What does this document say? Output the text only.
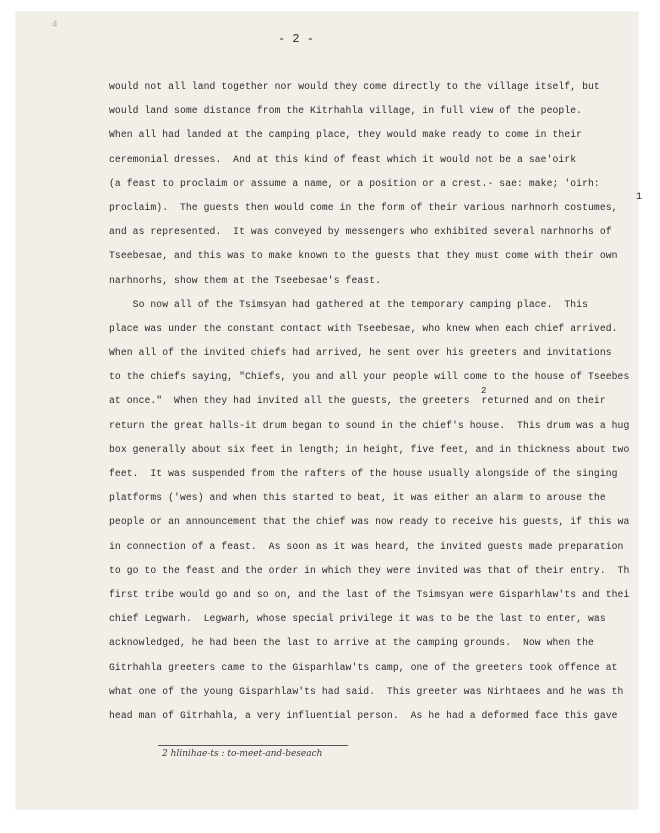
4
- 2 -
1
2
would not all land together nor would they come directly to the village itself, but
would land some distance from the Kitrhahla village, in full view of the people.
When all had landed at the camping place, they would make ready to come in their
ceremonial dresses.  And at this kind of feast which it would not be a sae'oirk
(a feast to proclaim or assume a name, or a position or a crest.- sae: make; 'oirh:
proclaim).  The guests then would come in the form of their various narhnorh costumes,
and as represented.  It was conveyed by messengers who exhibited several narhnorhs of
Tseebesae, and this was to make known to the guests that they must come with their own
narhnorhs, show them at the Tseebesae's feast.
So now all of the Tsimsyan had gathered at the temporary camping place.  This
place was under the constant contact with Tseebesae, who knew when each chief arrived.
When all of the invited chiefs had arrived, he sent over his greeters and invitations
to the chiefs saying, "Chiefs, you and all your people will come to the house of Tseebes
at once."  When they had invited all the guests, the greeters  returned and on their
return the great halls-it drum began to sound in the chief's house.  This drum was a hug
box generally about six feet in length; in height, five feet, and in thickness about two
feet.  It was suspended from the rafters of the house usually alongside of the singing
platforms ('wes) and when this started to beat, it was either an alarm to arouse the
people or an announcement that the chief was now ready to receive his guests, if this wa
in connection of a feast.  As soon as it was heard, the invited guests made preparation
to go to the feast and the order in which they were invited was that of their entry.  Th
first tribe would go and so on, and the last of the Tsimsyan were Gisparhlaw'ts and thei
chief Legwarh.  Legwarh, whose special privilege it was to be the last to enter, was
acknowledged, he had been the last to arrive at the camping grounds.  Now when the
Gitrhahla greeters came to the Gisparhlaw'ts camp, one of the greeters took offence at
what one of the young Gisparhlaw'ts had said.  This greeter was Nirhtaees and he was th
head man of Gitrhahla, a very influential person.  As he had a deformed face this gave
2 hlinihae-ts : to-meet-and-beseach
